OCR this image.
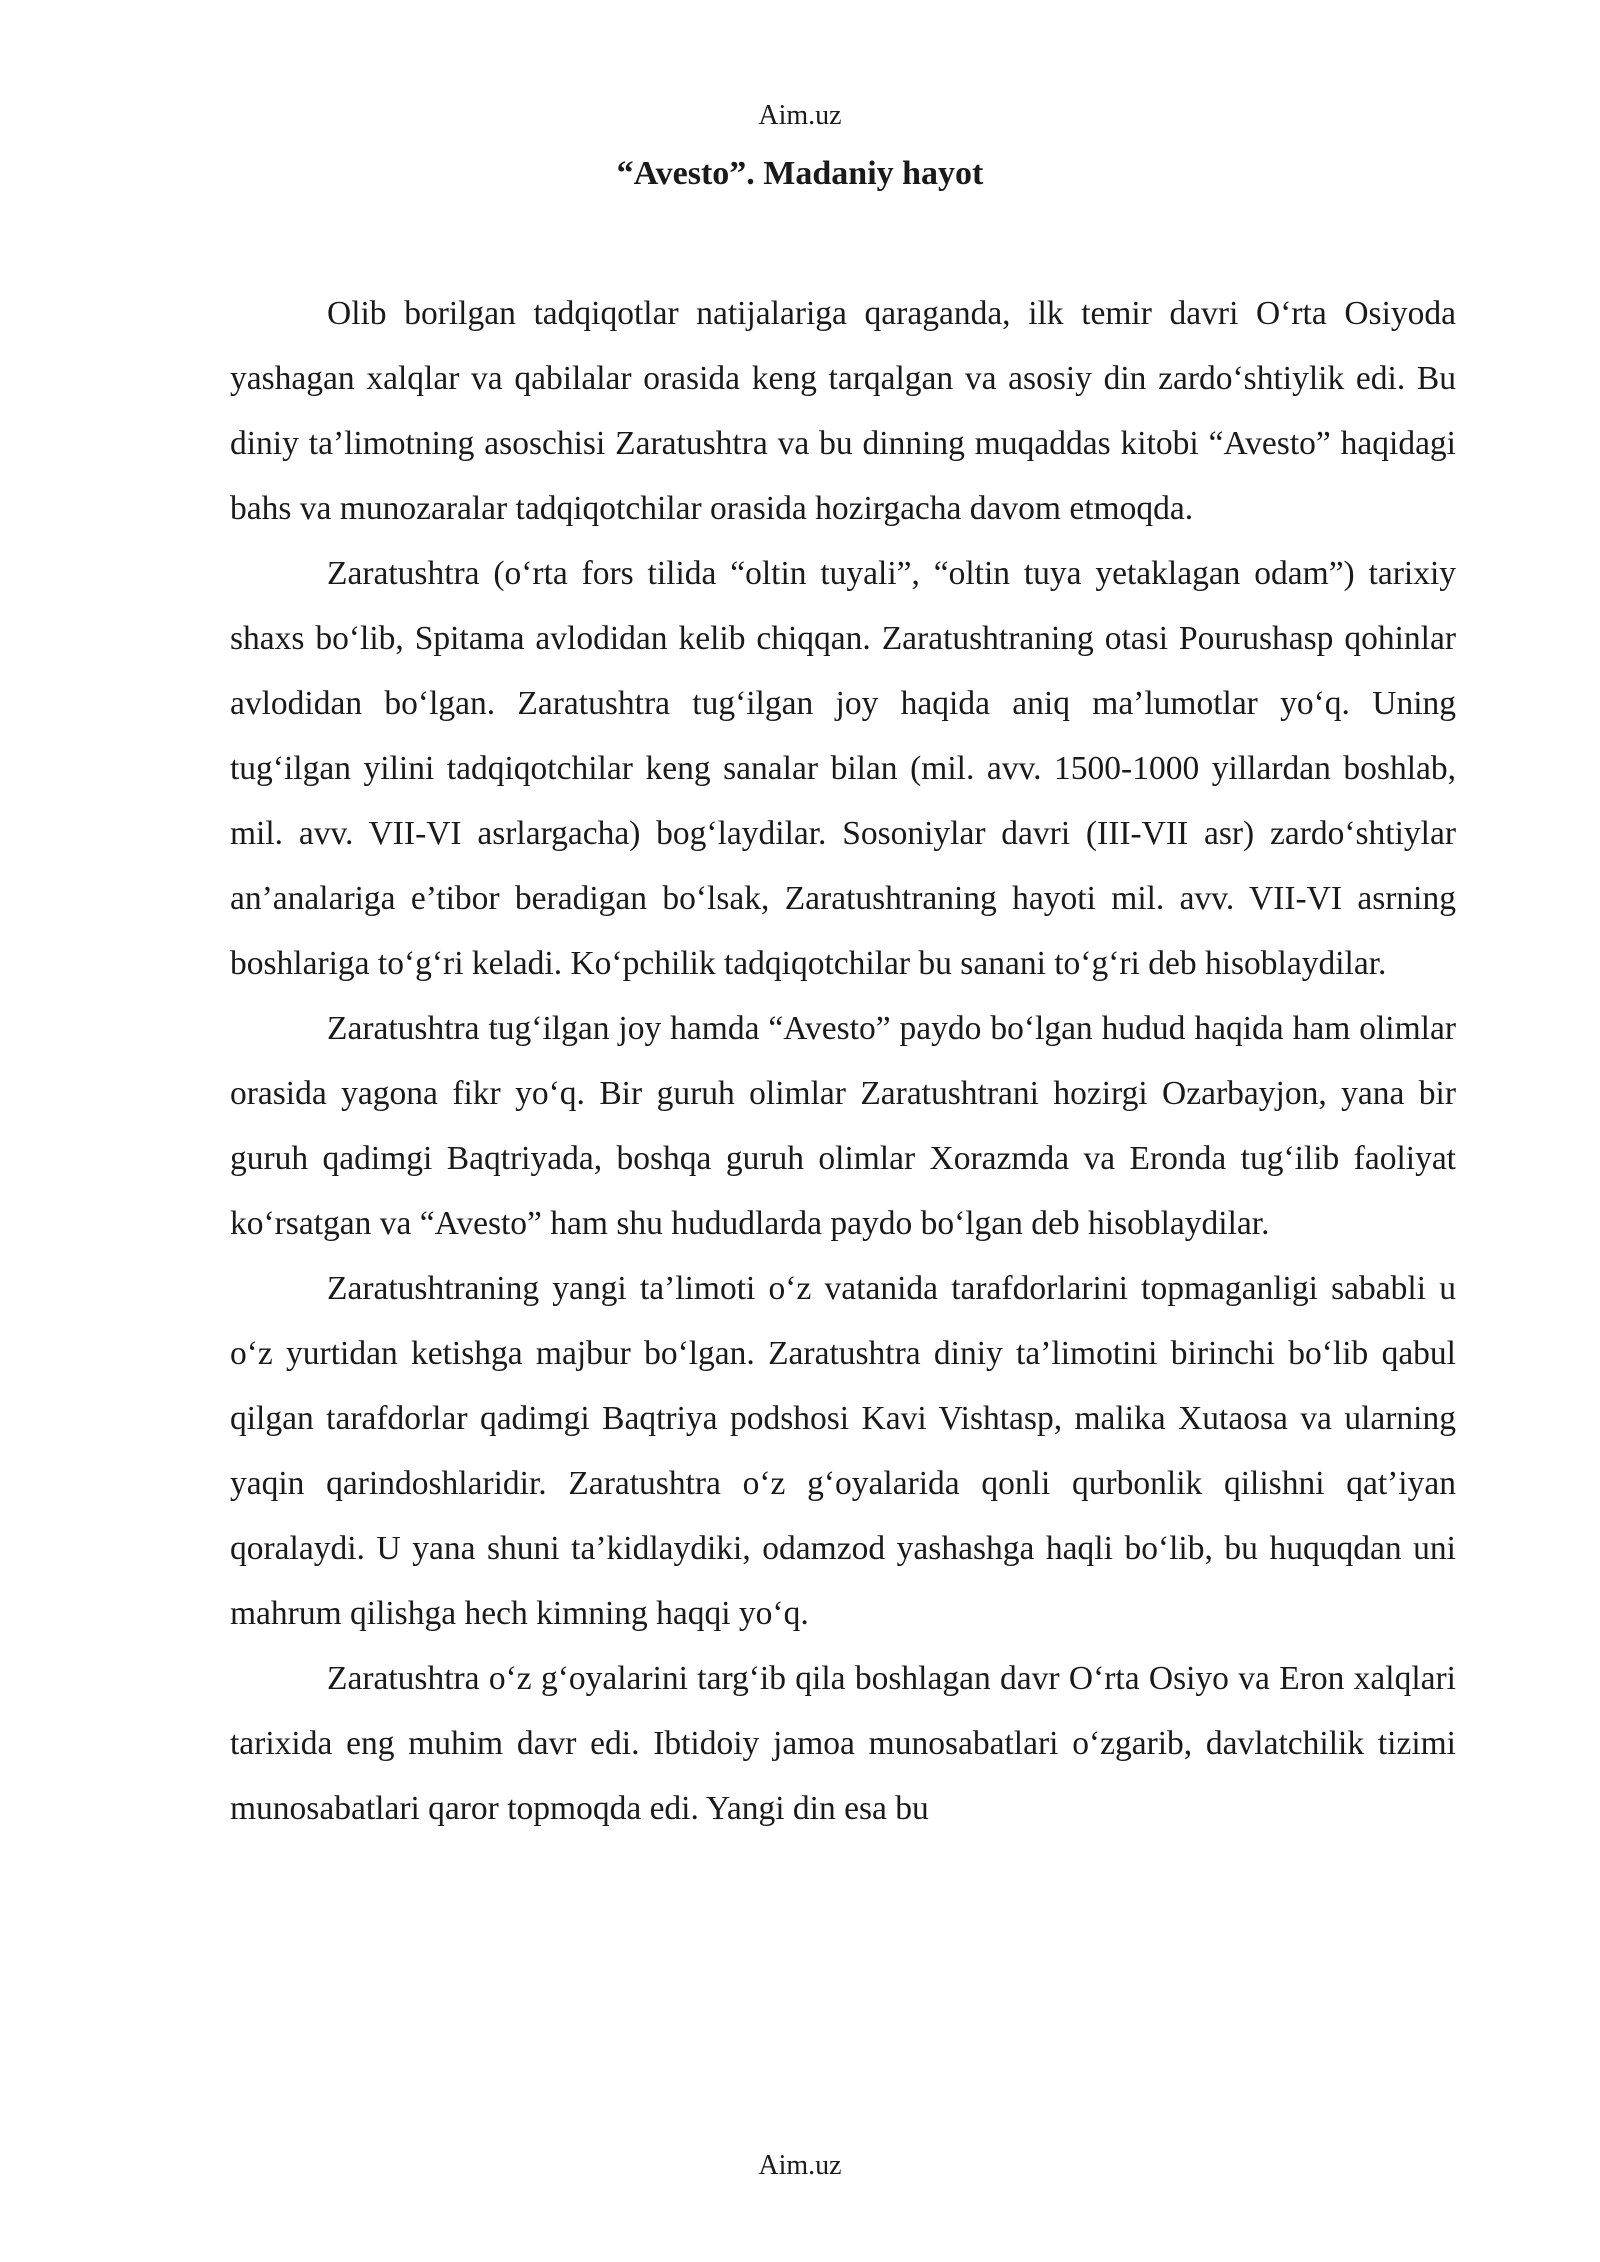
Aim.uz
“Avesto”. Madaniy hayot

Olib borilgan tadqiqotlar natijalariga qaraganda, ilk temir davri O‘rta Osiyoda yashagan xalqlar va qabilalar orasida keng tarqalgan va asosiy din zardo‘shtiylik edi. Bu diniy ta’limotning asoschisi Zaratushtra va bu dinning muqaddas kitobi “Avesto” haqidagi bahs va munozaralar tadqiqotchilar orasida hozirgacha davom etmoqda.

Zaratushtra (o‘rta fors tilida “oltin tuyali”, “oltin tuya yetaklagan odam”) tarixiy shaxs bo‘lib, Spitama avlodidan kelib chiqqan. Zaratushtraning otasi Pourushasp qohinlar avlodidan bo‘lgan. Zaratushtra tug‘ilgan joy haqida aniq ma’lumotlar yo‘q. Uning tug‘ilgan yilini tadqiqotchilar keng sanalar bilan (mil. avv. 1500-1000 yillardan boshlab, mil. avv. VII-VI asrlargacha) bog‘laydilar. Sosoniylar davri (III-VII asr) zardo‘shtiylar an’analariga e’tibor beradigan bo‘lsak, Zaratushtraning hayoti mil. avv. VII-VI asrning boshlariga to‘g‘ri keladi. Ko‘pchilik tadqiqotchilar bu sanani to‘g‘ri deb hisoblaydilar.

Zaratushtra tug‘ilgan joy hamda “Avesto” paydo bo‘lgan hudud haqida ham olimlar orasida yagona fikr yo‘q. Bir guruh olimlar Zaratushtrani hozirgi Ozarbayjon, yana bir guruh qadimgi Baqtriyada, boshqa guruh olimlar Xorazmda va Eronda tug‘ilib faoliyat ko‘rsatgan va “Avesto” ham shu hududlarda paydo bo‘lgan deb hisoblaydilar.

Zaratushtraning yangi ta’limoti o‘z vatanida tarafdorlarini topmaganligi sababli u o‘z yurtidan ketishga majbur bo‘lgan. Zaratushtra diniy ta’limotini birinchi bo‘lib qabul qilgan tarafdorlar qadimgi Baqtriya podshosi Kavi Vishtasp, malika Xutaosa va ularning yaqin qarindoshlaridir. Zaratushtra o‘z g‘oyalarida qonli qurbonlik qilishni qat’iyan qoralaydi. U yana shuni ta’kidlaydiki, odamzod yashashga haqli bo‘lib, bu huquqdan uni mahrum qilishga hech kimning haqqi yo‘q.

Zaratushtra o‘z g‘oyalarini targ‘ib qila boshlagan davr O‘rta Osiyo va Eron xalqlari tarixida eng muhim davr edi. Ibtidoiy jamoa munosabatlari o‘zgarib, davlatchilik tizimi munosabatlari qaror topmoqda edi. Yangi din esa bu

Aim.uz
